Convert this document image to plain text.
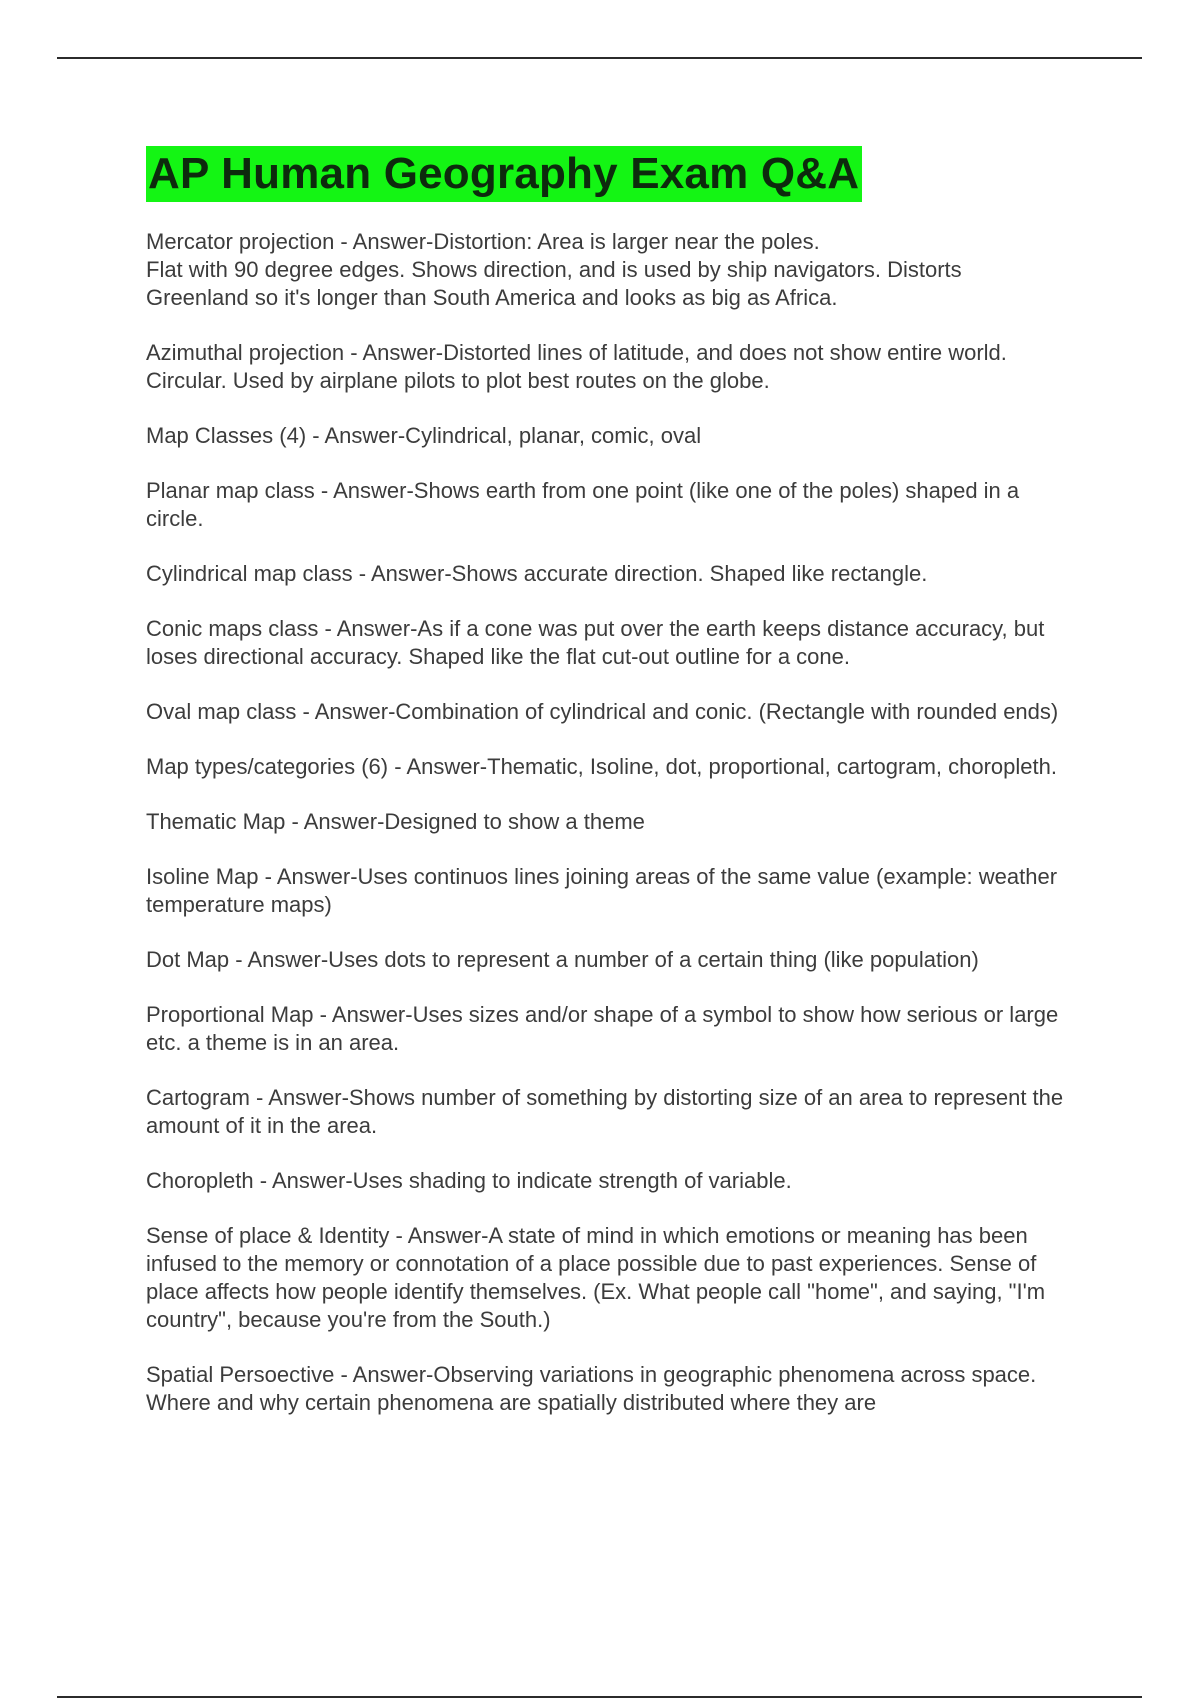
AP Human Geography Exam Q&A
Mercator projection - Answer-Distortion: Area is larger near the poles.
Flat with 90 degree edges. Shows direction, and is used by ship navigators. Distorts Greenland so it's longer than South America and looks as big as Africa.
Azimuthal projection - Answer-Distorted lines of latitude, and does not show entire world. Circular. Used by airplane pilots to plot best routes on the globe.
Map Classes (4) - Answer-Cylindrical, planar, comic, oval
Planar map class - Answer-Shows earth from one point (like one of the poles) shaped in a circle.
Cylindrical map class - Answer-Shows accurate direction. Shaped like rectangle.
Conic maps class - Answer-As if a cone was put over the earth keeps distance accuracy, but loses directional accuracy. Shaped like the flat cut-out outline for a cone.
Oval map class - Answer-Combination of cylindrical and conic. (Rectangle with rounded ends)
Map types/categories (6) - Answer-Thematic, Isoline, dot, proportional, cartogram, choropleth.
Thematic Map - Answer-Designed to show a theme
Isoline Map - Answer-Uses continuos lines joining areas of the same value (example: weather temperature maps)
Dot Map - Answer-Uses dots to represent a number of a certain thing (like population)
Proportional Map - Answer-Uses sizes and/or shape of a symbol to show how serious or large etc. a theme is in an area.
Cartogram - Answer-Shows number of something by distorting size of an area to represent the amount of it in the area.
Choropleth - Answer-Uses shading to indicate strength of variable.
Sense of place & Identity - Answer-A state of mind in which emotions or meaning has been infused to the memory or connotation of a place possible due to past experiences. Sense of place affects how people identify themselves. (Ex. What people call "home", and saying, "I'm country", because you're from the South.)
Spatial Persoective - Answer-Observing variations in geographic phenomena across space. Where and why certain phenomena are spatially distributed where they are
